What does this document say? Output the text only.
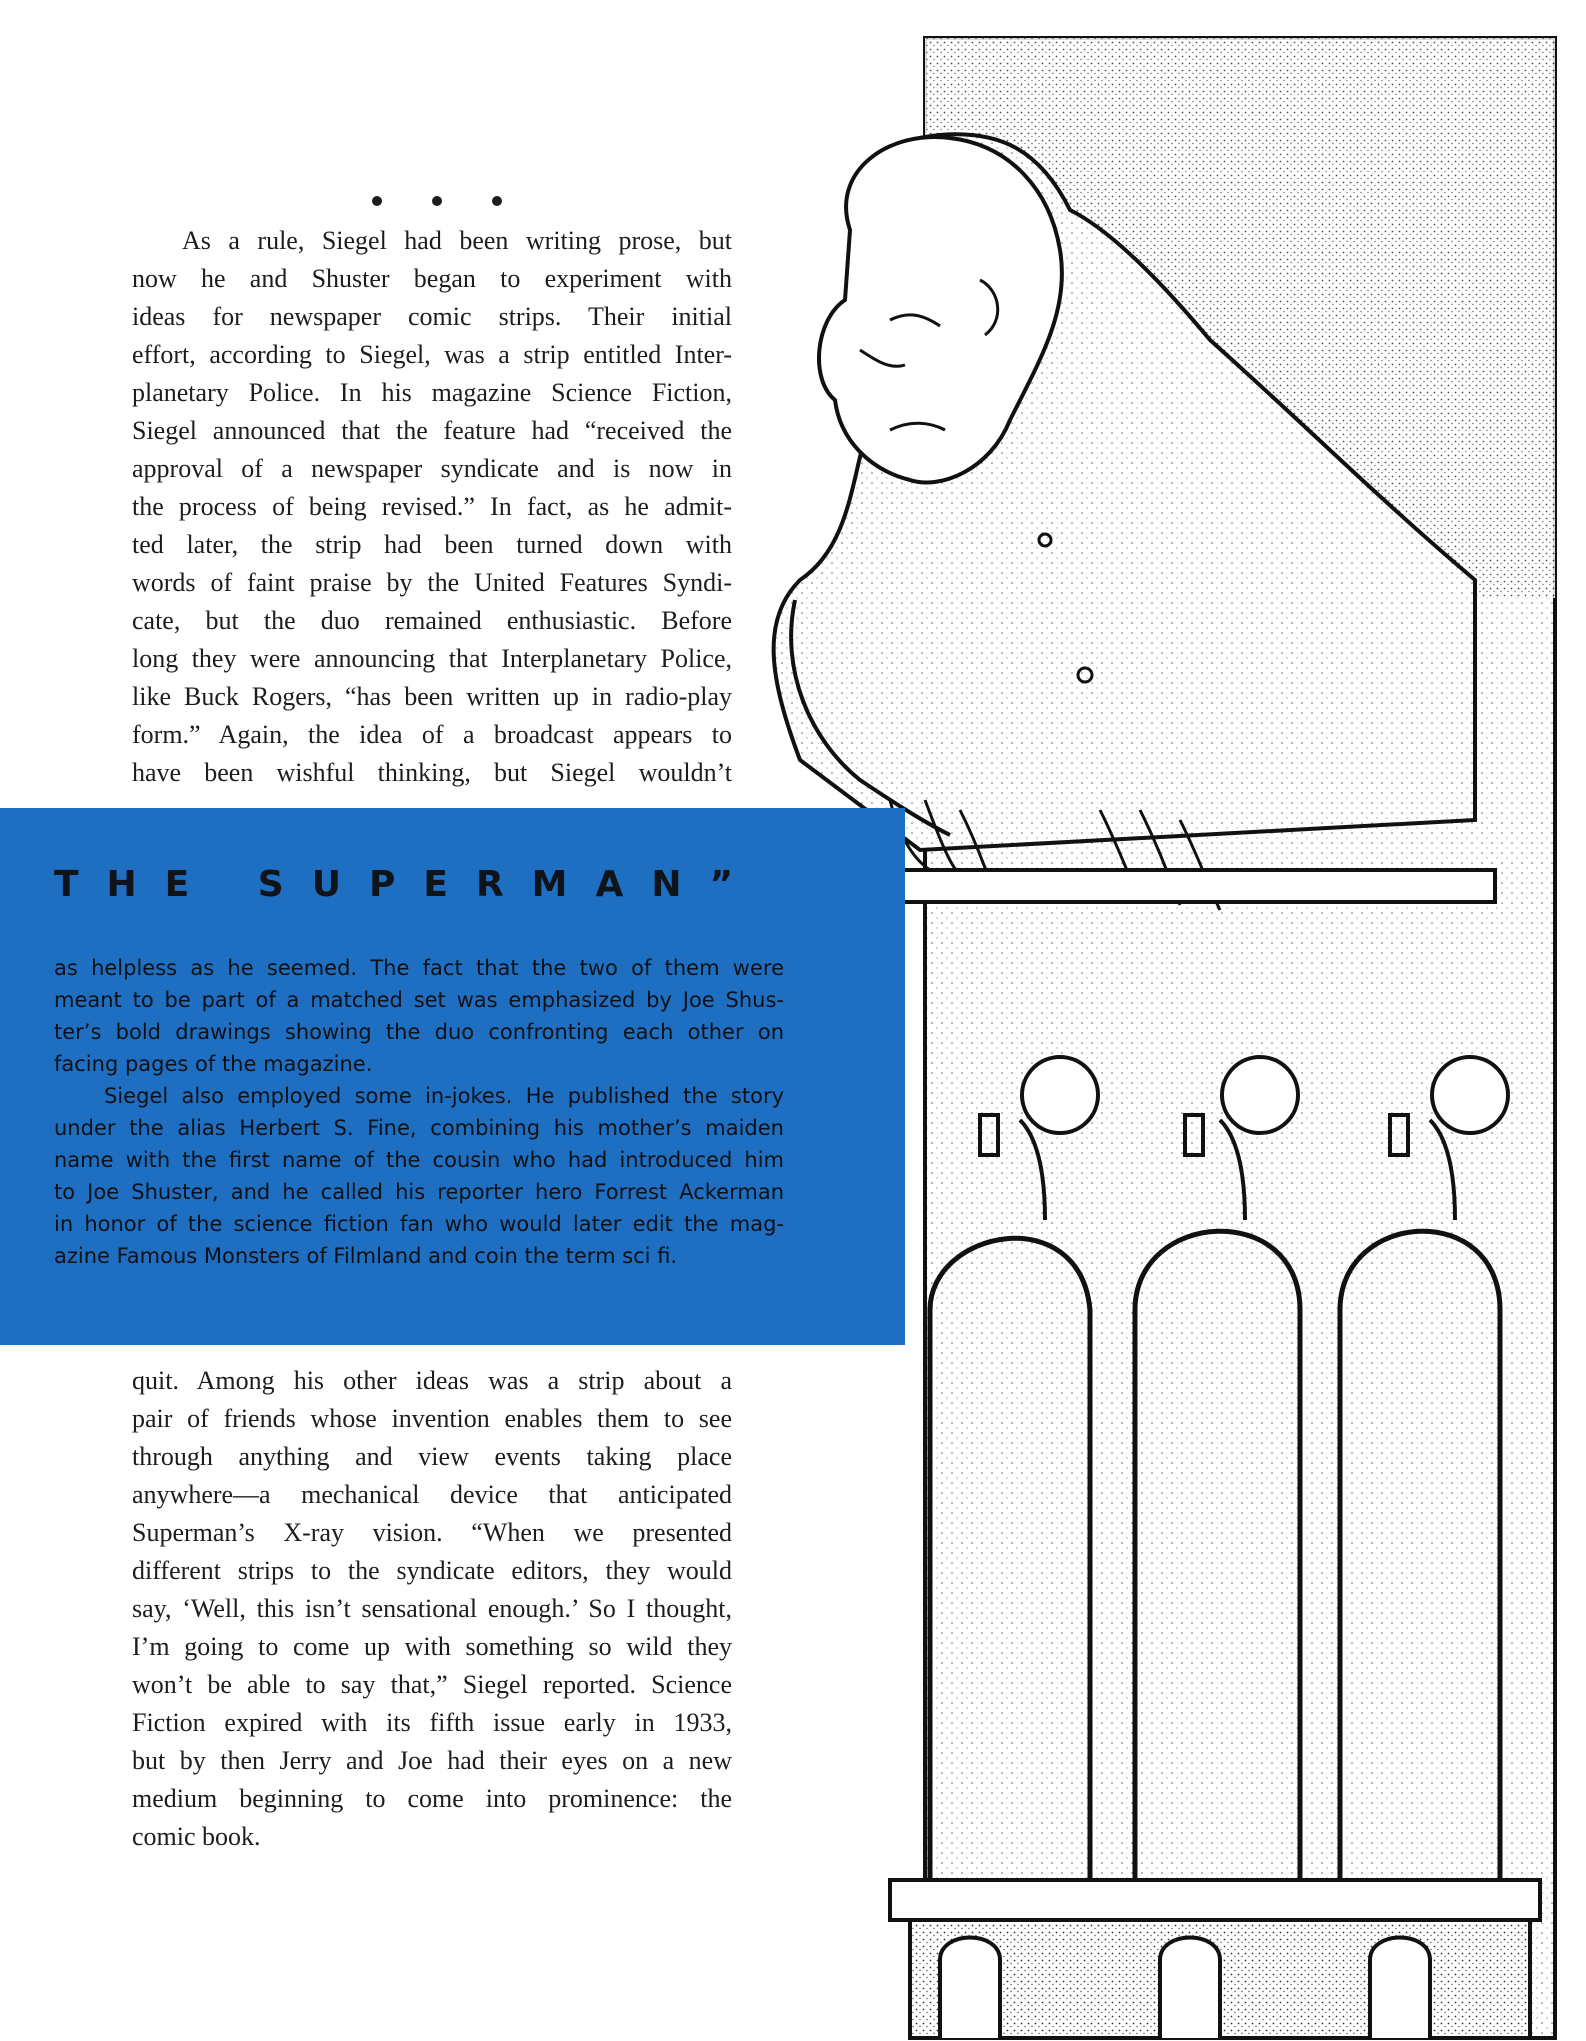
As a rule, Siegel had been writing prose, but
now he and Shuster began to experiment with
ideas for newspaper comic strips. Their initial
effort, according to Siegel, was a strip entitled Inter-
planetary Police. In his magazine Science Fiction,
Siegel announced that the feature had “received the
approval of a newspaper syndicate and is now in
the process of being revised.” In fact, as he admit-
ted later, the strip had been turned down with
words of faint praise by the United Features Syndi-
cate, but the duo remained enthusiastic. Before
long they were announcing that Interplanetary Police,
like Buck Rogers, “has been written up in radio-play
form.” Again, the idea of a broadcast appears to
have been wishful thinking, but Siegel wouldn’t
THE SUPERMAN”
as helpless as he seemed. The fact that the two of them were
meant to be part of a matched set was emphasized by Joe Shus-
ter’s bold drawings showing the duo confronting each other on
facing pages of the magazine.
Siegel also employed some in-jokes. He published the story
under the alias Herbert S. Fine, combining his mother’s maiden
name with the first name of the cousin who had introduced him
to Joe Shuster, and he called his reporter hero Forrest Ackerman
in honor of the science fiction fan who would later edit the mag-
azine Famous Monsters of Filmland and coin the term sci fi.
quit. Among his other ideas was a strip about a
pair of friends whose invention enables them to see
through anything and view events taking place
anywhere—a mechanical device that anticipated
Superman’s X-ray vision. “When we presented
different strips to the syndicate editors, they would
say, ‘Well, this isn’t sensational enough.’ So I thought,
I’m going to come up with something so wild they
won’t be able to say that,” Siegel reported. Science
Fiction expired with its fifth issue early in 1933,
but by then Jerry and Joe had their eyes on a new
medium beginning to come into prominence: the
comic book.
